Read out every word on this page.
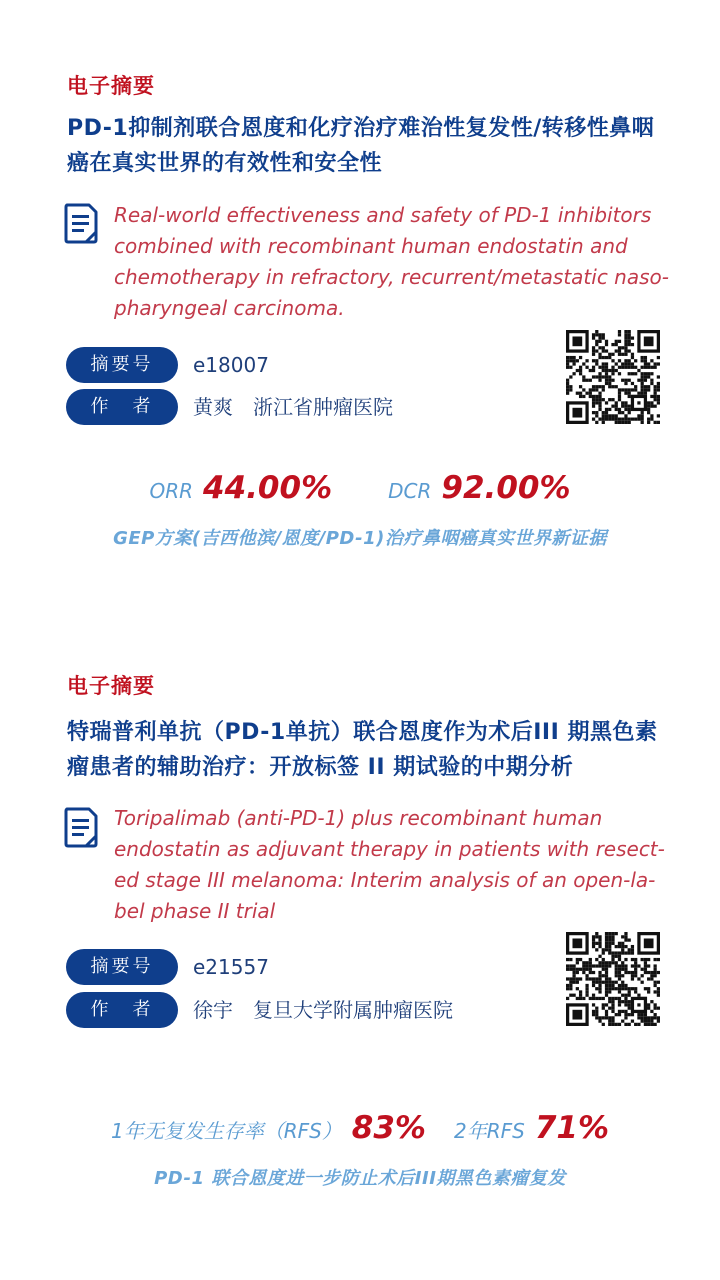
电子摘要
PD-1抑制剂联合恩度和化疗治疗难治性复发性/转移性鼻咽癌在真实世界的有效性和安全性
Real-world effectiveness and safety of PD-1 inhibitors combined with recombinant human endostatin and chemotherapy in refractory, recurrent/metastatic naso-pharyngeal carcinoma.
摘要号	e18007
作　者	黄爽　浙江省肿瘤医院
ORR 44.00%	DCR 92.00%
GEP方案(吉西他滨/恩度/PD-1)治疗鼻咽癌真实世界新证据
电子摘要
特瑞普利单抗（PD-1单抗）联合恩度作为术后III 期黑色素瘤患者的辅助治疗：开放标签 II 期试验的中期分析
Toripalimab (anti-PD-1) plus recombinant human endostatin as adjuvant therapy in patients with resect-ed stage III melanoma: Interim analysis of an open-la-bel phase II trial
摘要号	e21557
作　者	徐宇　复旦大学附属肿瘤医院
1年无复发生存率（RFS） 83% 2年RFS 71%
PD-1 联合恩度进一步防止术后III期黑色素瘤复发
